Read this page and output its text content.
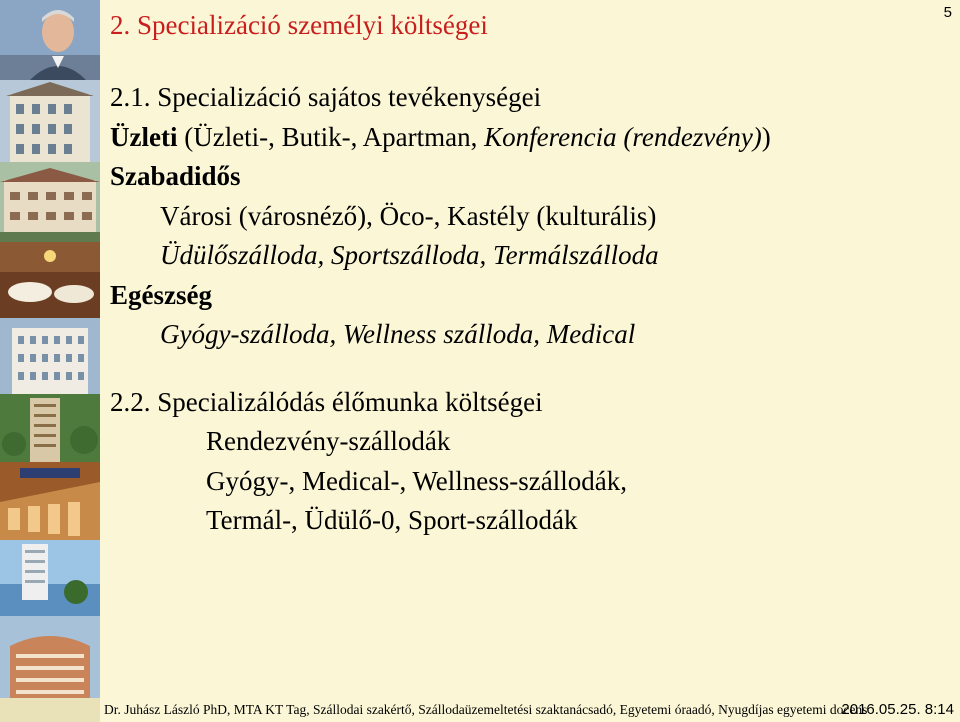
2. Specializáció személyi költségei	5
2.1. Specializáció sajátos tevékenységei
Üzleti (Üzleti-, Butik-, Apartman, Konferencia (rendezvény))
Szabadidős
Városi (városnéző), Öco-, Kastély (kulturális)
Üdülőszálloda, Sportszálloda, Termálszálloda
Egészség
Gyógy-szálloda, Wellness szálloda, Medical
2.2. Specializálódás élőmunka költségei
Rendezvény-szállodák
Gyógy-, Medical-, Wellness-szállodák,
Termál-, Üdülő-0, Sport-szállodák
Dr. Juhász László PhD, MTA KT Tag, Szállodai szakértő, Szállodaüzemeltetési szaktanácsadó, Egyetemi óraadó, Nyugdíjas egyetemi docens
2016.05.25. 8:14
